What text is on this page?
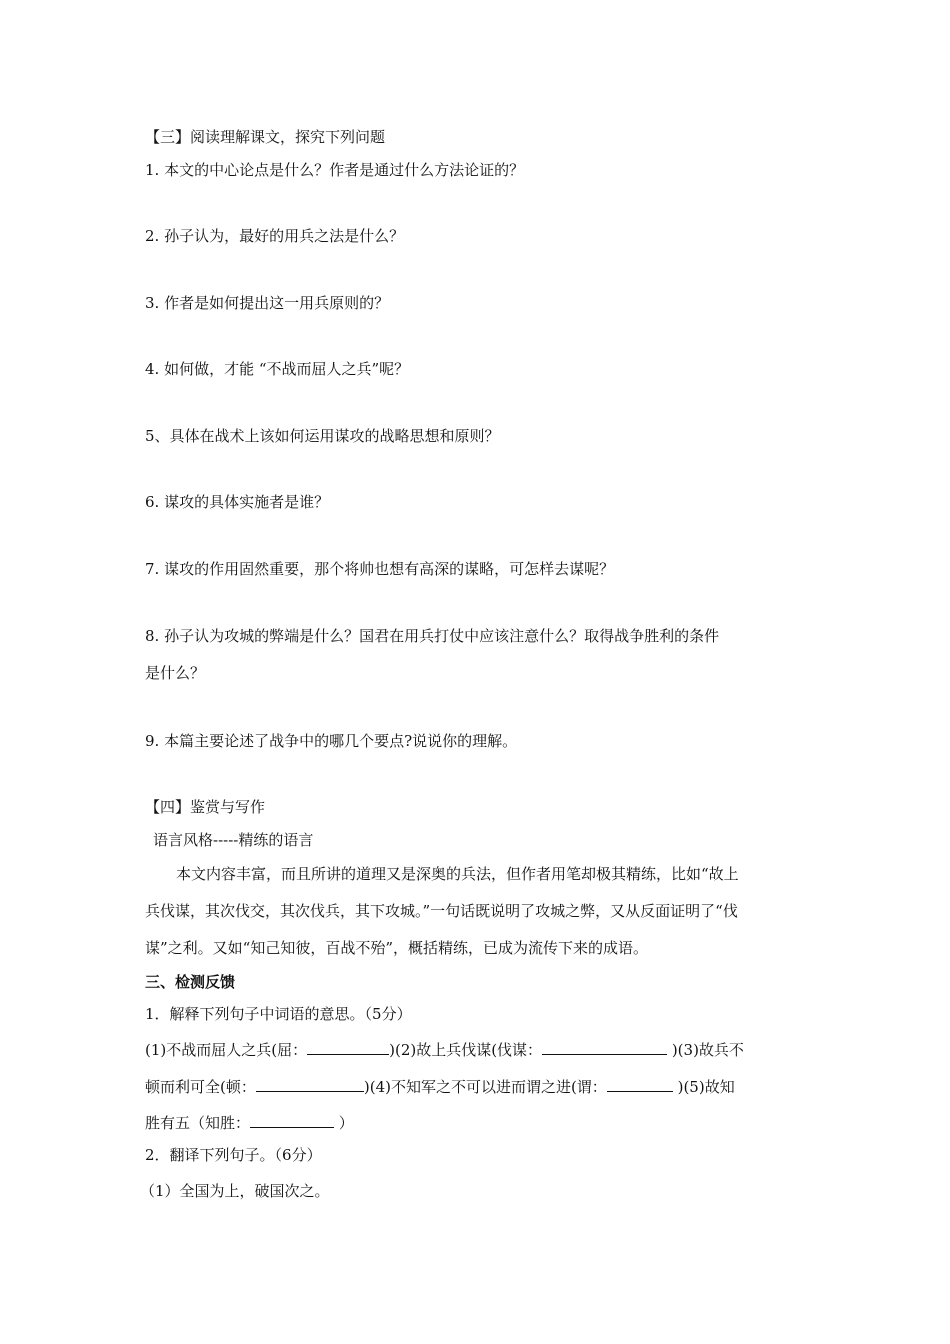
【三】阅读理解课文，探究下列问题
1. 本文的中心论点是什么？作者是通过什么方法论证的？
2. 孙子认为，最好的用兵之法是什么？
3. 作者是如何提出这一用兵原则的？
4. 如何做，才能 “不战而屈人之兵”呢？
5、具体在战术上该如何运用谋攻的战略思想和原则？
6. 谋攻的具体实施者是谁？
7. 谋攻的作用固然重要，那个将帅也想有高深的谋略，可怎样去谋呢？
8. 孙子认为攻城的弊端是什么？国君在用兵打仗中应该注意什么？取得战争胜利的条件
是什么？
9. 本篇主要论述了战争中的哪几个要点?说说你的理解。
【四】鉴赏与写作
语言风格-----精练的语言
本文内容丰富，而且所讲的道理又是深奥的兵法，但作者用笔却极其精练，比如“故上
兵伐谋，其次伐交，其次伐兵，其下攻城。”一句话既说明了攻城之弊，又从反面证明了“伐
谋”之利。又如“知己知彼，百战不殆”，概括精练，已成为流传下来的成语。
三、检测反馈
1．解释下列句子中词语的意思。（5分）
(1)不战而屈人之兵(屈：	)(2)故上兵伐谋(伐谋：	)(3)故兵不
顿而利可全(顿：	)(4)不知军之不可以进而谓之进(谓：	)(5)故知
胜有五（知胜：	）
2．翻译下列句子。（6分）
（1）全国为上，破国次之。
